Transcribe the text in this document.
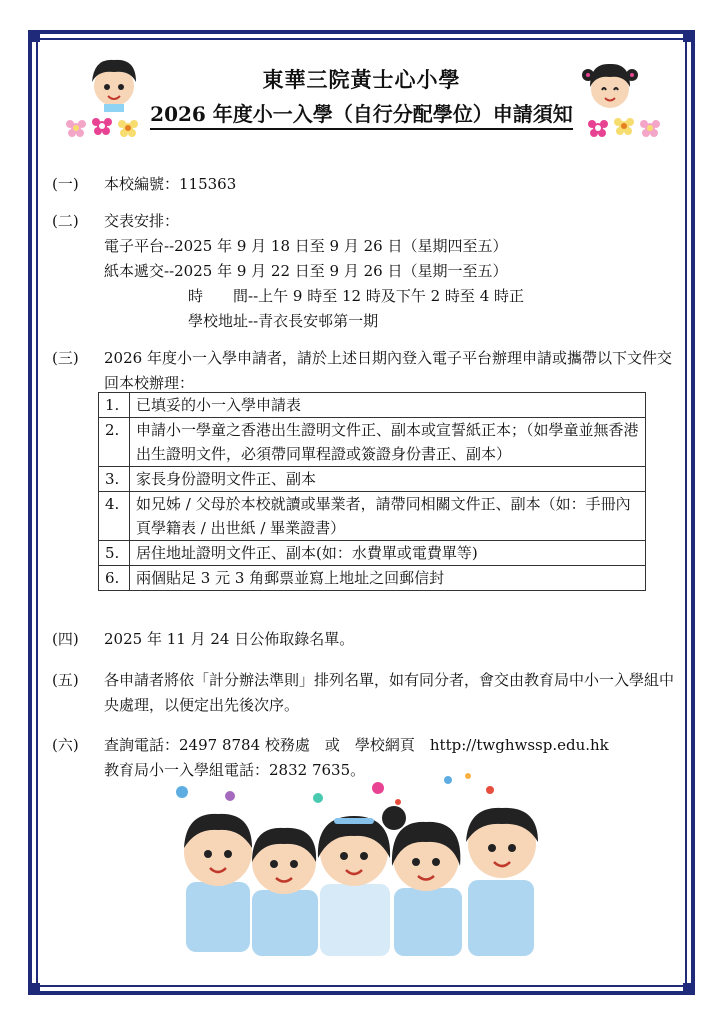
東華三院黃士心小學
2026 年度小一入學（自行分配學位）申請須知
(一)	本校編號：115363
(二)	交表安排：
電子平台--2025 年 9 月 18 日至 9 月 26 日（星期四至五）
紙本遞交--2025 年 9 月 22 日至 9 月 26 日（星期一至五）
時　　間--上午 9 時至 12 時及下午 2 時至 4 時正
學校地址--青衣長安邨第一期
(三)	2026 年度小一入學申請者，請於上述日期內登入電子平台辦理申請或攜帶以下文件交回本校辦理：
1.	已填妥的小一入學申請表
2.	申請小一學童之香港出生證明文件正、副本或宣誓紙正本；（如學童並無香港出生證明文件，必須帶同單程證或簽證身份書正、副本）
3.	家長身份證明文件正、副本
4.	如兄姊 / 父母於本校就讀或畢業者，請帶同相關文件正、副本（如：手冊內頁學籍表 / 出世紙 / 畢業證書）
5.	居住地址證明文件正、副本(如：水費單或電費單等)
6.	兩個貼足 3 元 3 角郵票並寫上地址之回郵信封
(四)	2025 年 11 月 24 日公佈取錄名單。
(五)	各申請者將依「計分辦法準則」排列名單，如有同分者，會交由教育局中小一入學組中央處理，以便定出先後次序。
(六)	查詢電話：2497 8784 校務處　或　學校網頁　http://twghwssp.edu.hk
教育局小一入學組電話：2832 7635。
